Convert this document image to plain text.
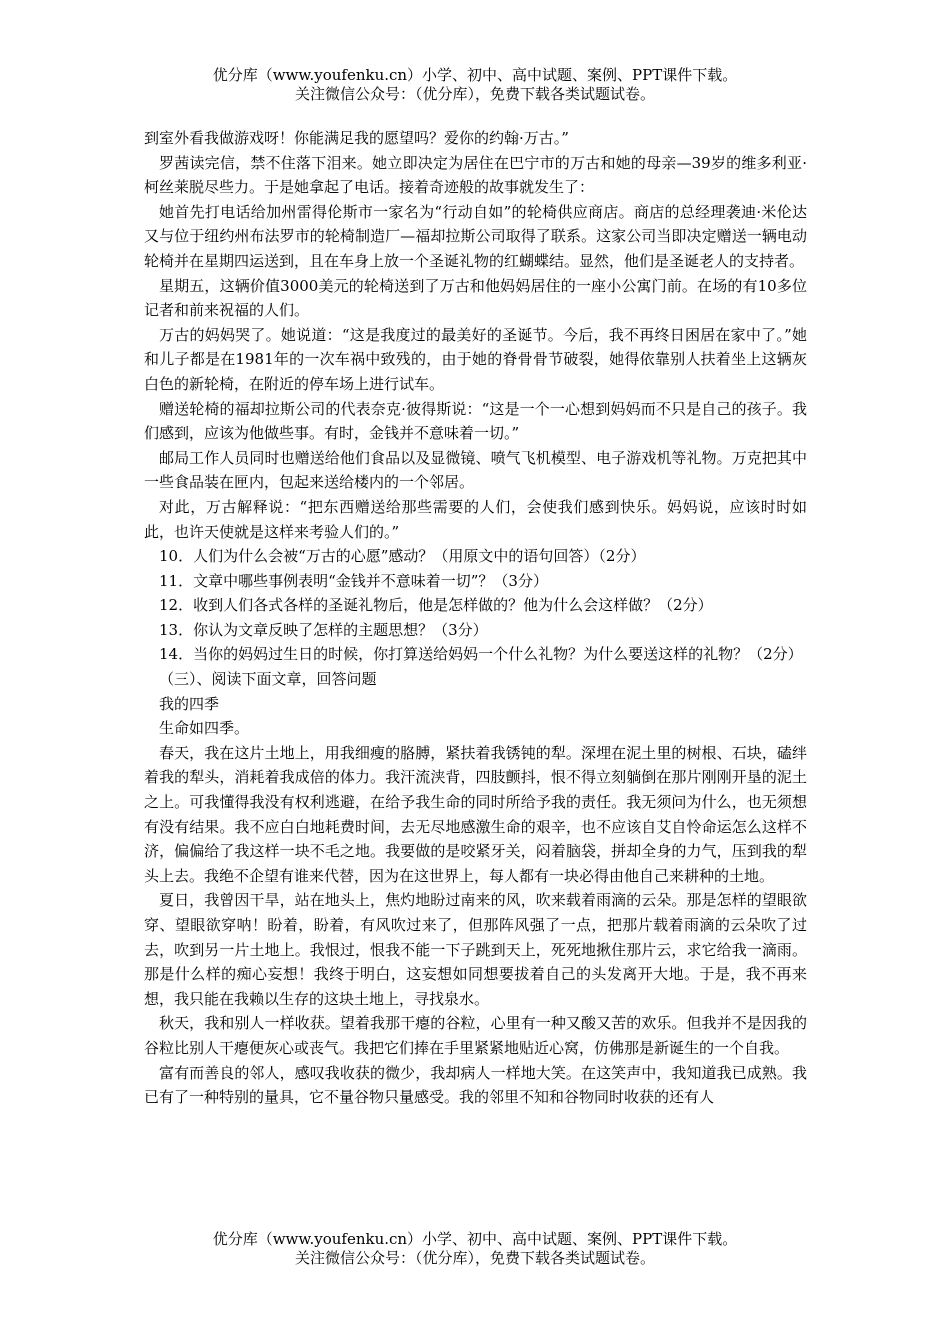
优分库（www.youfenku.cn）小学、初中、高中试题、案例、PPT课件下载。
关注微信公众号：（优分库），免费下载各类试题试卷。

到室外看我做游戏呀！你能满足我的愿望吗？爱你的约翰·万古。”

罗茜读完信，禁不住落下泪来。她立即决定为居住在巴宁市的万古和她的母亲—39岁的维多利亚·柯丝莱脱尽些力。于是她拿起了电话。接着奇迹般的故事就发生了：

她首先打电话给加州雷得伦斯市一家名为“行动自如”的轮椅供应商店。商店的总经理袭迪·米伦达又与位于纽约州布法罗市的轮椅制造厂—福却拉斯公司取得了联系。这家公司当即决定赠送一辆电动轮椅并在星期四运送到，且在车身上放一个圣诞礼物的红蝴蝶结。显然，他们是圣诞老人的支持者。

星期五，这辆价值3000美元的轮椅送到了万古和他妈妈居住的一座小公寓门前。在场的有10多位记者和前来祝福的人们。

万古的妈妈哭了。她说道：“这是我度过的最美好的圣诞节。今后，我不再终日困居在家中了。”她和儿子都是在1981年的一次车祸中致残的，由于她的脊骨骨节破裂，她得依靠别人扶着坐上这辆灰白色的新轮椅，在附近的停车场上进行试车。

赠送轮椅的福却拉斯公司的代表奈克·彼得斯说：“这是一个一心想到妈妈而不只是自己的孩子。我们感到，应该为他做些事。有时，金钱并不意味着一切。”

邮局工作人员同时也赠送给他们食品以及显微镜、喷气飞机模型、电子游戏机等礼物。万克把其中一些食品装在匣内，包起来送给楼内的一个邻居。

对此，万古解释说：“把东西赠送给那些需要的人们，会使我们感到快乐。妈妈说，应该时时如此，也许天使就是这样来考验人们的。”

10．人们为什么会被“万古的心愿”感动？（用原文中的语句回答）（2分）

11．文章中哪些事例表明“金钱并不意味着一切”？（3分）

12．收到人们各式各样的圣诞礼物后，他是怎样做的？他为什么会这样做？（2分）

13．你认为文章反映了怎样的主题思想？（3分）

14．当你的妈妈过生日的时候，你打算送给妈妈一个什么礼物？为什么要送这样的礼物？（2分）

（三）、阅读下面文章，回答问题

我的四季

生命如四季。

春天，我在这片土地上，用我细瘦的胳膊，紧扶着我锈钝的犁。深埋在泥土里的树根、石块，磕绊着我的犁头，消耗着我成倍的体力。我汗流浃背，四肢颤抖，恨不得立刻躺倒在那片刚刚开垦的泥土之上。可我懂得我没有权利逃避，在给予我生命的同时所给予我的责任。我无须问为什么，也无须想有没有结果。我不应白白地耗费时间，去无尽地感激生命的艰辛，也不应该自艾自怜命运怎么这样不济，偏偏给了我这样一块不毛之地。我要做的是咬紧牙关，闷着脑袋，拼却全身的力气，压到我的犁头上去。我绝不企望有谁来代替，因为在这世界上，每人都有一块必得由他自己来耕种的土地。

夏日，我曾因干旱，站在地头上，焦灼地盼过南来的风，吹来载着雨滴的云朵。那是怎样的望眼欲穿、望眼欲穿呐！盼着，盼着，有风吹过来了，但那阵风强了一点，把那片载着雨滴的云朵吹了过去，吹到另一片土地上。我恨过，恨我不能一下子跳到天上，死死地揪住那片云，求它给我一滴雨。那是什么样的痴心妄想！我终于明白，这妄想如同想要拔着自己的头发离开大地。于是，我不再来想，我只能在我赖以生存的这块土地上，寻找泉水。

秋天，我和别人一样收获。望着我那干瘪的谷粒，心里有一种又酸又苦的欢乐。但我并不是因我的谷粒比别人干瘪便灰心或丧气。我把它们捧在手里紧紧地贴近心窝，仿佛那是新诞生的一个自我。

富有而善良的邻人，感叹我收获的微少，我却病人一样地大笑。在这笑声中，我知道我已成熟。我已有了一种特别的量具，它不量谷物只量感受。我的邻里不知和谷物同时收获的还有人

优分库（www.youfenku.cn）小学、初中、高中试题、案例、PPT课件下载。
关注微信公众号：（优分库），免费下载各类试题试卷。
